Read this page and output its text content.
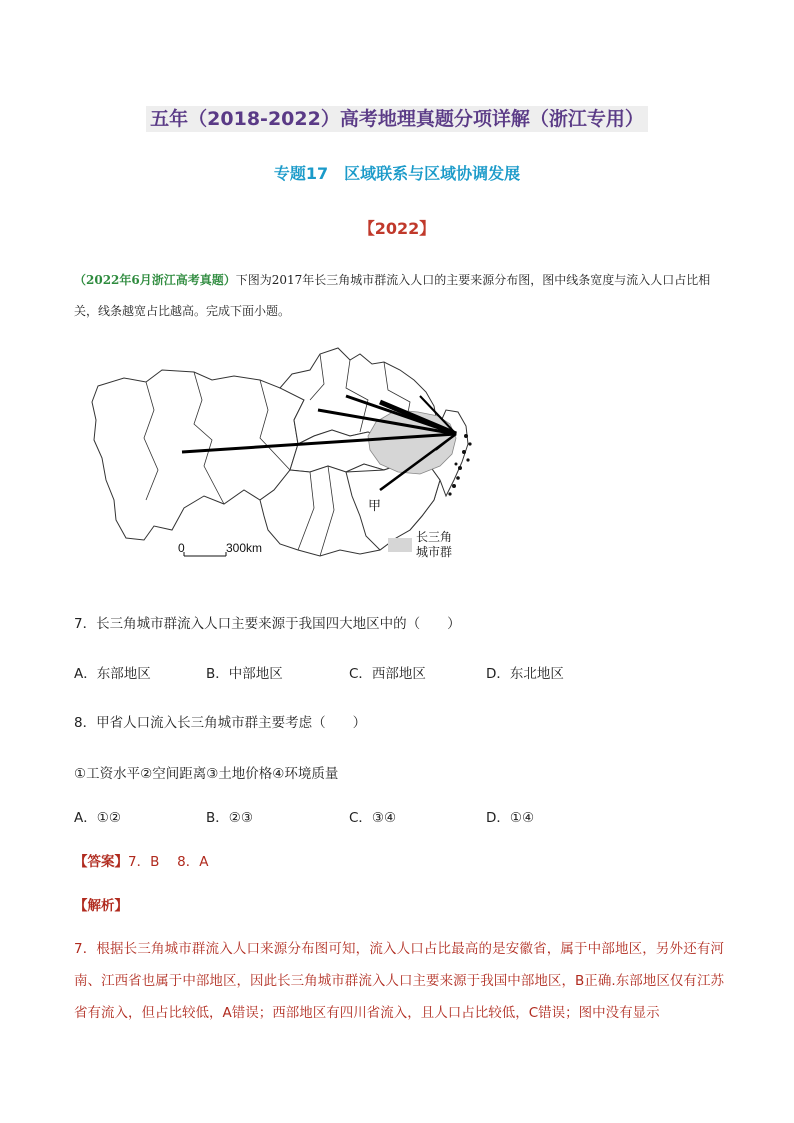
五年（2018-2022）高考地理真题分项详解（浙江专用）
专题17　区域联系与区域协调发展
【2022】
（2022年6月浙江高考真题）下图为2017年长三角城市群流入人口的主要来源分布图，图中线条宽度与流入人口占比相关，线条越宽占比越高。完成下面小题。
甲
0	300km
长三角
城市群
7．长三角城市群流入人口主要来源于我国四大地区中的（　　）
A．东部地区	B．中部地区	C．西部地区	D．东北地区
8．甲省人口流入长三角城市群主要考虑（　　）
①工资水平②空间距离③土地价格④环境质量
A．①②	B．②③	C．③④	D．①④
【答案】7．B　 8．A
【解析】
7．根据长三角城市群流入人口来源分布图可知，流入人口占比最高的是安徽省，属于中部地区，另外还有河南、江西省也属于中部地区，因此长三角城市群流入人口主要来源于我国中部地区，B正确.东部地区仅有江苏省有流入，但占比较低，A错误；西部地区有四川省流入，且人口占比较低，C错误；图中没有显示
